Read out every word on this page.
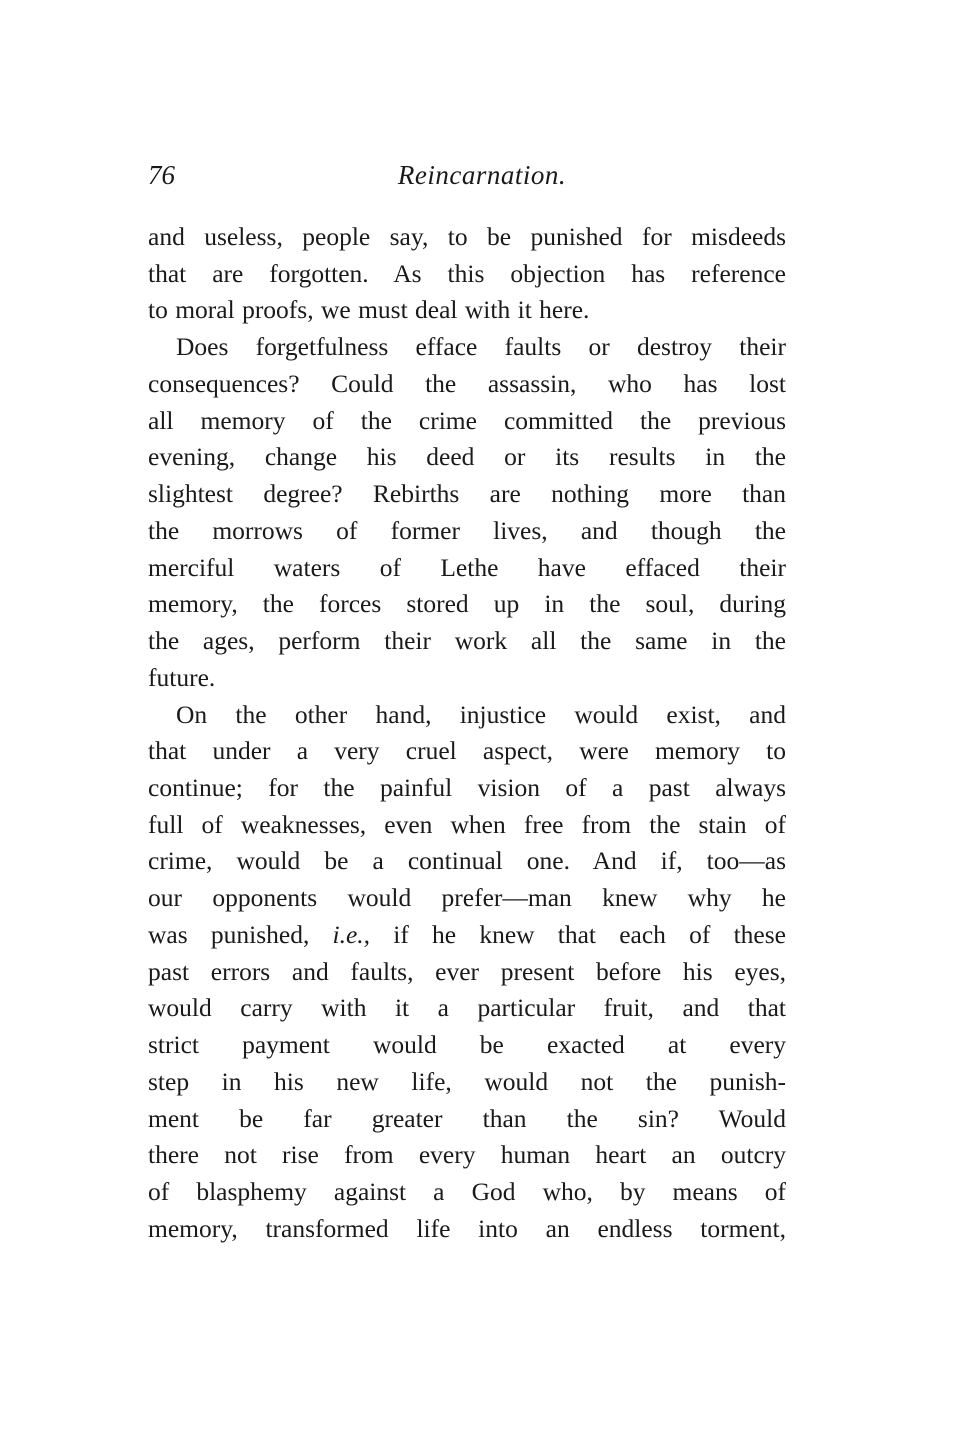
76	Reincarnation.
and useless, people say, to be punished for misdeeds
that are forgotten. As this objection has reference
to moral proofs, we must deal with it here.
Does forgetfulness efface faults or destroy their
consequences? Could the assassin, who has lost
all memory of the crime committed the previous
evening, change his deed or its results in the
slightest degree? Rebirths are nothing more than
the morrows of former lives, and though the
merciful waters of Lethe have effaced their
memory, the forces stored up in the soul, during
the ages, perform their work all the same in the
future.
On the other hand, injustice would exist, and
that under a very cruel aspect, were memory to
continue; for the painful vision of a past always
full of weaknesses, even when free from the stain of
crime, would be a continual one. And if, too—as
our opponents would prefer—man knew why he
was punished, i.e., if he knew that each of these
past errors and faults, ever present before his eyes,
would carry with it a particular fruit, and that
strict payment would be exacted at every
step in his new life, would not the punish-
ment be far greater than the sin? Would
there not rise from every human heart an outcry
of blasphemy against a God who, by means of
memory, transformed life into an endless torment,
